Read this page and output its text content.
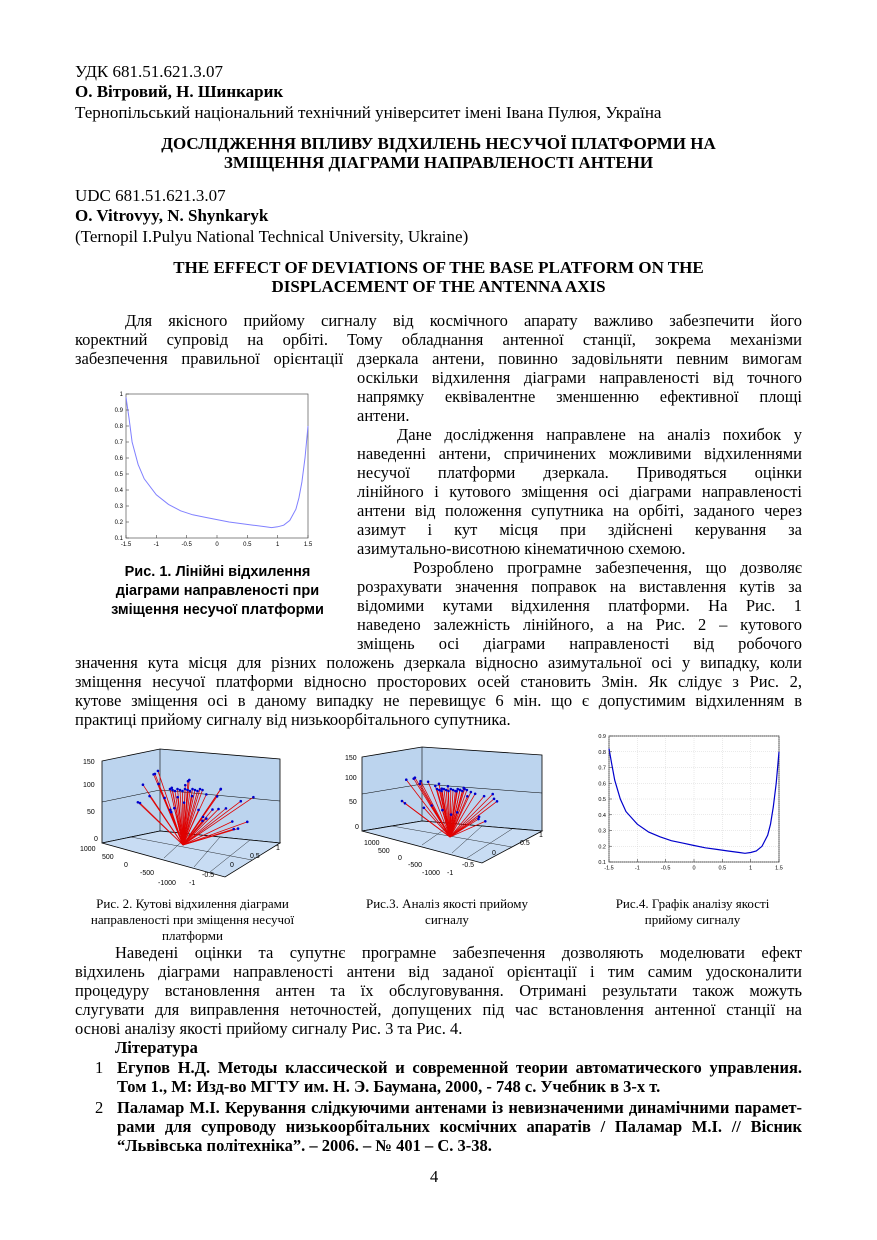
УДК 681.51.621.3.07
О. Вітровий, Н. Шинкарик
Тернопільський національний технічний університет імені Івана Пулюя, Україна
ДОСЛІДЖЕННЯ ВПЛИВУ ВІДХИЛЕНЬ НЕСУЧОЇ ПЛАТФОРМИ НА
ЗМІЩЕННЯ ДІАГРАМИ НАПРАВЛЕНОСТІ АНТЕНИ
UDC 681.51.621.3.07
O. Vitrovyy, N. Shynkaryk
(Ternopil I.Pulyu National Technical University, Ukraine)
THE EFFECT OF DEVIATIONS OF THE BASE PLATFORM ON THE
DISPLACEMENT OF THE ANTENNA AXIS
Для якісного прийому сигналу від космічного апарату важливо забезпечити його
коректний супровід на орбіті. Тому обладнання антенної станції, зокрема механізми
забезпечення правильної орієнтації дзеркала антени, повинно задовільняти певним вимогам
оскільки відхилення діаграми направленості від точного
напрямку еквівалентне зменшенню ефективної площі
антени.
Дане дослідження направлене на аналіз похибок у
наведенні антени, спричинених можливими відхиленнями
несучої платформи дзеркала. Приводяться оцінки
лінійного і кутового зміщення осі діаграми направленості
антени від положення супутника на орбіті, заданого через
азимут і кут місця при здійснені керування за
азимутально-висотною кінематичною схемою.
Розроблено програмне забезпечення, що дозволяє
розрахувати значення поправок на виставлення кутів за
відомими кутами відхилення платформи. На Рис. 1
наведено залежність лінійного, а на Рис. 2 – кутового
зміщень осі діаграми направленості від робочого
значення кута місця для різних положень дзеркала відносно азимутальної осі у випадку, коли
зміщення несучої платформи відносно просторових осей становить 3мін. Як слідує з Рис. 2,
кутове зміщення осі в даному випадку не перевищує 6 мін. що є допустимим відхиленням в
практиці прийому сигналу від низькоорбітального супутника.
1
0.9
0.8
0.7
0.6
0.5
0.4
0.3
0.2
0.1
-1.5	-1	-0.5	0	0.5	1	1.5
Рис. 1. Лінійні відхилення
діаграми направленості при
зміщення несучої платформи
150
100
50
0
1000
500
0
-500
-1000 -1
-0.5
0
0.5
1
Рис. 2. Кутові відхилення діаграми
направленості при зміщення несучої
платформи
150
100
50
0
1000
500
0
-500
-1000 -1
-0.5
0
0.5
1
Рис.3. Аналіз якості прийому
сигналу
0.9
0.8
0.7
0.6
0.5
0.4
0.3
0.2
0.1
-1.5	-1	-0.5	0	0.5	1	1.5
Рис.4. Графік аналізу якості
прийому сигналу
Наведені оцінки та супутнє програмне забезпечення дозволяють моделювати ефект
відхилень діаграми направленості антени від заданої орієнтації і тим самим удосконалити
процедуру встановлення антен та їх обслуговування. Отримані результати також можуть
слугувати для виправлення неточностей, допущених під час встановлення антенної станції на
основі аналізу якості прийому сигналу Рис. 3 та Рис. 4.
Література
1 Егупов Н.Д. Методы классической и современной теории автоматического управления.
Том 1., М: Изд-во МГТУ им. Н. Э. Баумана, 2000, - 748 с. Учебник в 3-х т.
2 Паламар М.І. Керування слідкуючими антенами із невизначеними динамічними парамет-
рами для супроводу низькоорбітальних космічних апаратів / Паламар М.І. // Вісник
“Львівська політехніка”. – 2006. – № 401 – С. 3-38.
4
